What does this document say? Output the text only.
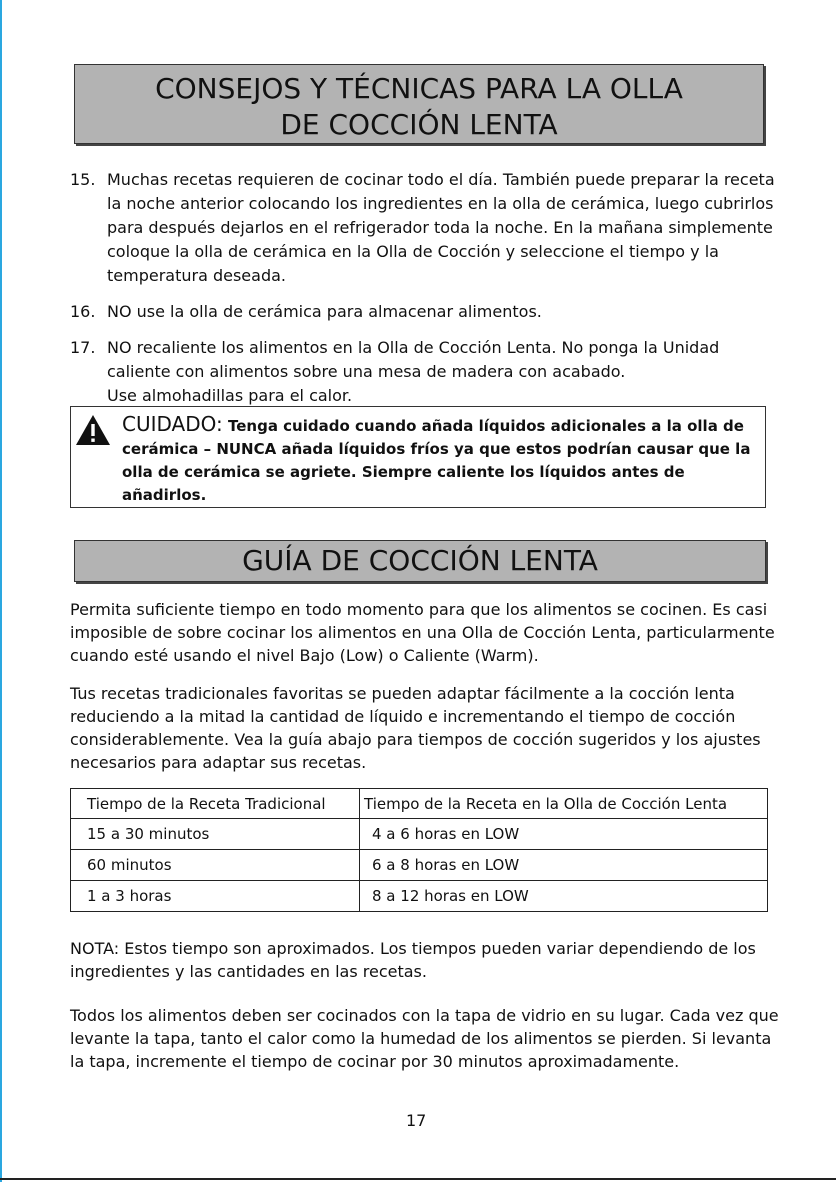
CONSEJOS Y TÉCNICAS PARA LA OLLA
DE COCCIÓN LENTA
15. Muchas recetas requieren de cocinar todo el día. También puede preparar la receta la noche anterior colocando los ingredientes en la olla de cerámica, luego cubrirlos para después dejarlos en el refrigerador toda la noche. En la mañana simplemente coloque la olla de cerámica en la Olla de Cocción y seleccione el tiempo y la temperatura deseada.
16. NO use la olla de cerámica para almacenar alimentos.
17. NO recaliente los alimentos en la Olla de Cocción Lenta. No ponga la Unidad caliente con alimentos sobre una mesa de madera con acabado.
Use almohadillas para el calor.
CUIDADO: Tenga cuidado cuando añada líquidos adicionales a la olla de cerámica – NUNCA añada líquidos fríos ya que estos podrían causar que la olla de cerámica se agriete. Siempre caliente los líquidos antes de añadirlos.
GUÍA DE COCCIÓN LENTA
Permita suficiente tiempo en todo momento para que los alimentos se cocinen. Es casi imposible de sobre cocinar los alimentos en una Olla de Cocción Lenta, particularmente cuando esté usando el nivel Bajo (Low) o Caliente (Warm).
Tus recetas tradicionales favoritas se pueden adaptar fácilmente a la cocción lenta reduciendo a la mitad la cantidad de líquido e incrementando el tiempo de cocción considerablemente. Vea la guía abajo para tiempos de cocción sugeridos y los ajustes necesarios para adaptar sus recetas.
Tiempo de la Receta Tradicional	Tiempo de la Receta en la Olla de Cocción Lenta
15 a 30 minutos	4 a 6 horas en LOW
60 minutos	6 a 8 horas en LOW
1 a 3 horas	8 a 12 horas en LOW
NOTA: Estos tiempo son aproximados. Los tiempos pueden variar dependiendo de los ingredientes y las cantidades en las recetas.
Todos los alimentos deben ser cocinados con la tapa de vidrio en su lugar. Cada vez que levante la tapa, tanto el calor como la humedad de los alimentos se pierden. Si levanta la tapa, incremente el tiempo de cocinar por 30 minutos aproximadamente.
17
